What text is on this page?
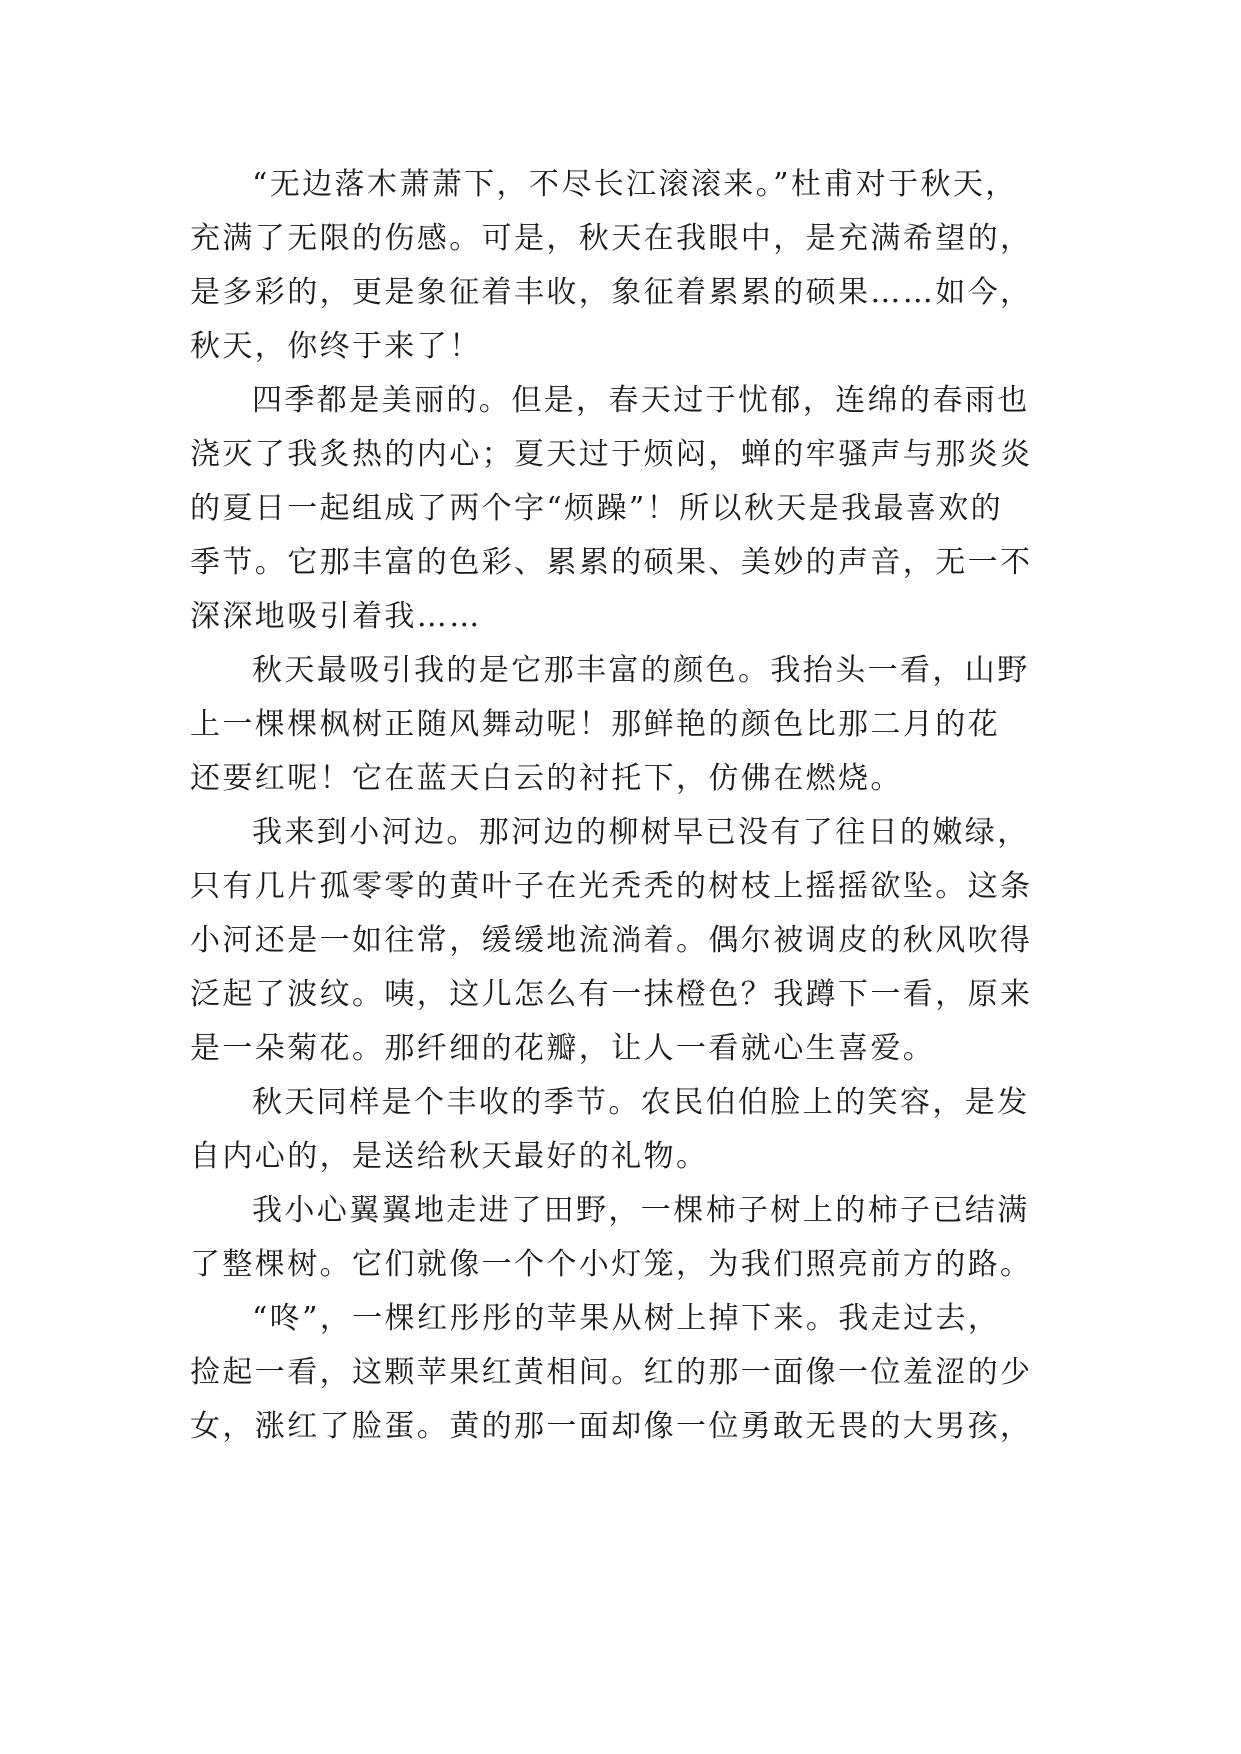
“无边落木萧萧下，不尽长江滚滚来。”杜甫对于秋天，
充满了无限的伤感。可是，秋天在我眼中，是充满希望的，
是多彩的，更是象征着丰收，象征着累累的硕果……如今，
秋天，你终于来了！
四季都是美丽的。但是，春天过于忧郁，连绵的春雨也
浇灭了我炙热的内心；夏天过于烦闷，蝉的牢骚声与那炎炎
的夏日一起组成了两个字“烦躁”！所以秋天是我最喜欢的
季节。它那丰富的色彩、累累的硕果、美妙的声音，无一不
深深地吸引着我……
秋天最吸引我的是它那丰富的颜色。我抬头一看，山野
上一棵棵枫树正随风舞动呢！那鲜艳的颜色比那二月的花
还要红呢！它在蓝天白云的衬托下，仿佛在燃烧。
我来到小河边。那河边的柳树早已没有了往日的嫩绿，
只有几片孤零零的黄叶子在光秃秃的树枝上摇摇欲坠。这条
小河还是一如往常，缓缓地流淌着。偶尔被调皮的秋风吹得
泛起了波纹。咦，这儿怎么有一抹橙色？我蹲下一看，原来
是一朵菊花。那纤细的花瓣，让人一看就心生喜爱。
秋天同样是个丰收的季节。农民伯伯脸上的笑容，是发
自内心的，是送给秋天最好的礼物。
我小心翼翼地走进了田野，一棵柿子树上的柿子已结满
了整棵树。它们就像一个个小灯笼，为我们照亮前方的路。
“咚”，一棵红彤彤的苹果从树上掉下来。我走过去，
捡起一看，这颗苹果红黄相间。红的那一面像一位羞涩的少
女，涨红了脸蛋。黄的那一面却像一位勇敢无畏的大男孩，
